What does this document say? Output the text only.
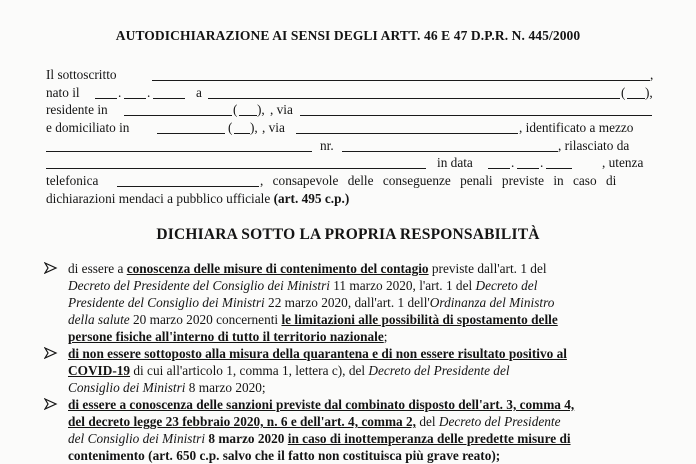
AUTODICHIARAZIONE AI SENSI DEGLI ARTT. 46 E 47 D.P.R. N. 445/2000
Il sottoscritto	,
nato il	. .	a	( ),
residente in	( ), , via
e domiciliato in	( ), , via	, identificato a mezzo
nr.	, rilasciato da
in data	. .	, utenza
telefonica	, consapevole delle conseguenze penali previste in caso di
dichiarazioni mendaci a pubblico ufficiale (art. 495 c.p.)
DICHIARA SOTTO LA PROPRIA RESPONSABILITÀ
di essere a conoscenza delle misure di contenimento del contagio previste dall'art. 1 del
Decreto del Presidente del Consiglio dei Ministri 11 marzo 2020, l'art. 1 del Decreto del
Presidente del Consiglio dei Ministri 22 marzo 2020, dall'art. 1 dell'Ordinanza del Ministro
della salute 20 marzo 2020 concernenti le limitazioni alle possibilità di spostamento delle
persone fisiche all'interno di tutto il territorio nazionale;
di non essere sottoposto alla misura della quarantena e di non essere risultato positivo al
COVID-19 di cui all'articolo 1, comma 1, lettera c), del Decreto del Presidente del
Consiglio dei Ministri 8 marzo 2020;
di essere a conoscenza delle sanzioni previste dal combinato disposto dell'art. 3, comma 4,
del decreto legge 23 febbraio 2020, n. 6 e dell'art. 4, comma 2, del Decreto del Presidente
del Consiglio dei Ministri 8 marzo 2020 in caso di inottemperanza delle predette misure di
contenimento (art. 650 c.p. salvo che il fatto non costituisca più grave reato);
